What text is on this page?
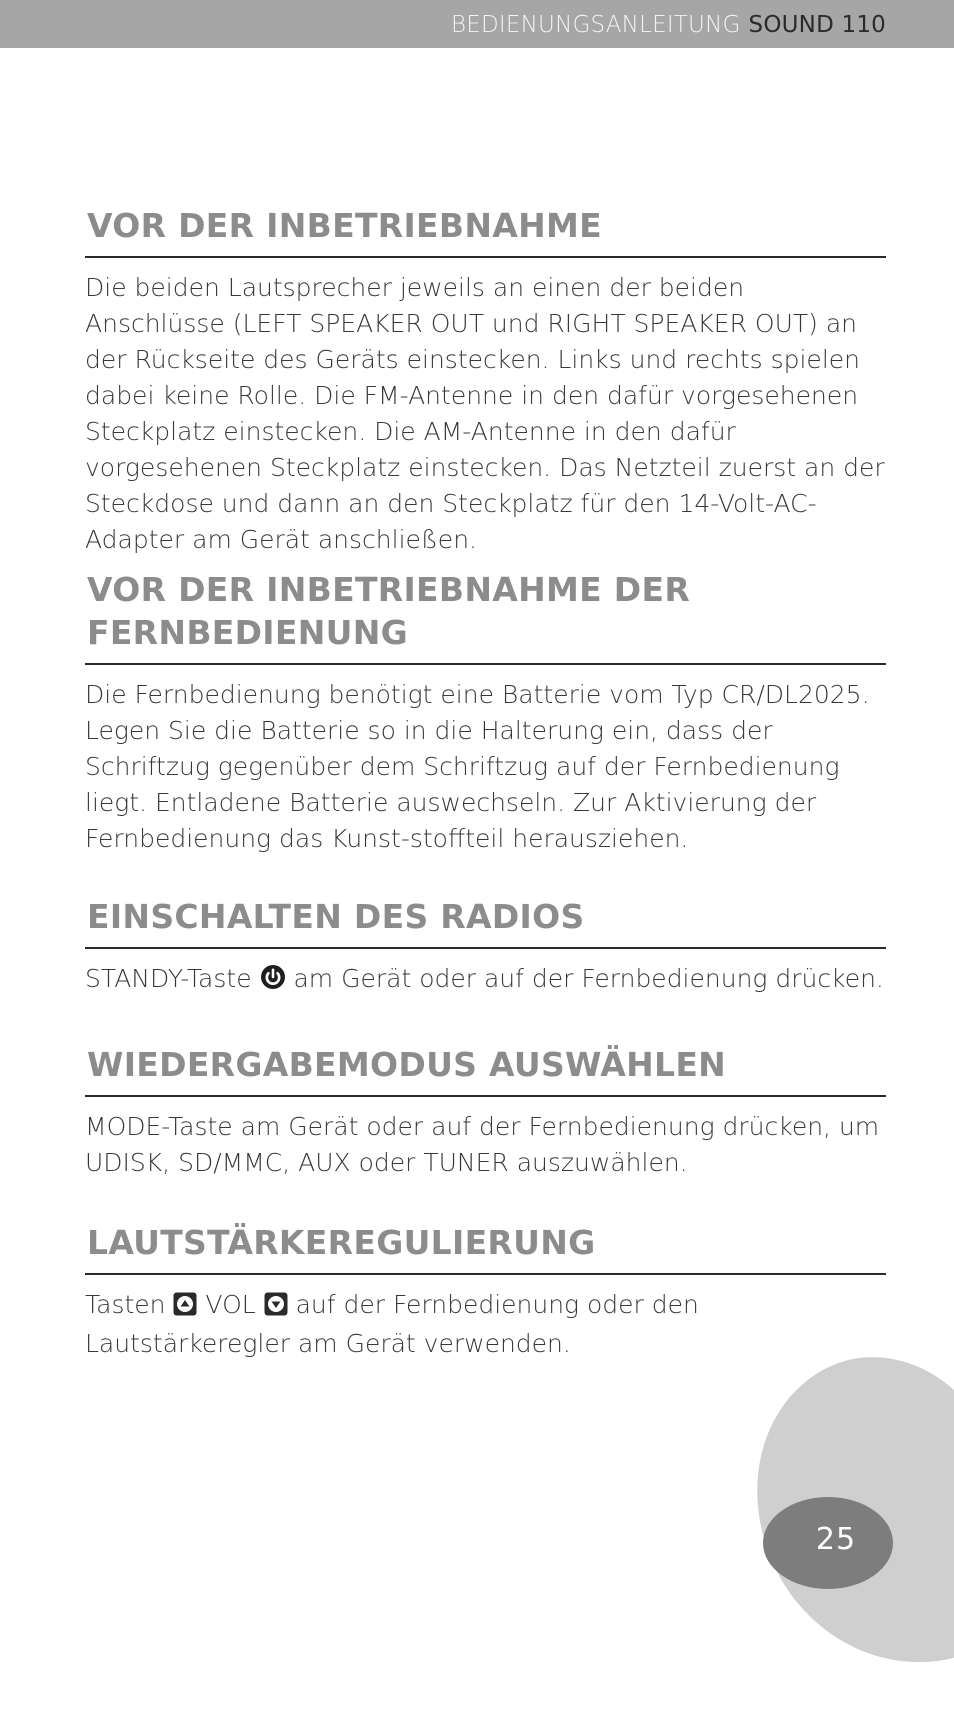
BEDIENUNGSANLEITUNG SOUND 110
VOR DER INBETRIEBNAHME

Die beiden Lautsprecher jeweils an einen der beiden Anschlüsse (LEFT SPEAKER OUT und RIGHT SPEAKER OUT) an der Rückseite des Geräts einstecken. Links und rechts spielen dabei keine Rolle. Die FM-Antenne in den dafür vorgesehenen Steckplatz einstecken. Die AM-Antenne in den dafür vorgesehenen Steckplatz einstecken. Das Netzteil zuerst an der Steckdose und dann an den Steckplatz für den 14-Volt-AC-Adapter am Gerät anschließen.

VOR DER INBETRIEBNAHME DER
FERNBEDIENUNG

Die Fernbedienung benötigt eine Batterie vom Typ CR/DL2025. Legen Sie die Batterie so in die Halterung ein, dass der Schriftzug gegenüber dem Schriftzug auf der Fernbedienung liegt. Entladene Batterie auswechseln. Zur Aktivierung der Fernbedienung das Kunst-stoffteil herausziehen.

EINSCHALTEN DES RADIOS

STANDY-Taste am Gerät oder auf der Fernbedienung drücken.

WIEDERGABEMODUS AUSWÄHLEN

MODE-Taste am Gerät oder auf der Fernbedienung drücken, um UDISK, SD/MMC, AUX oder TUNER auszuwählen.

LAUTSTÄRKEREGULIERUNG

Tasten VOL auf der Fernbedienung oder den Lautstärkeregler am Gerät verwenden.

25
